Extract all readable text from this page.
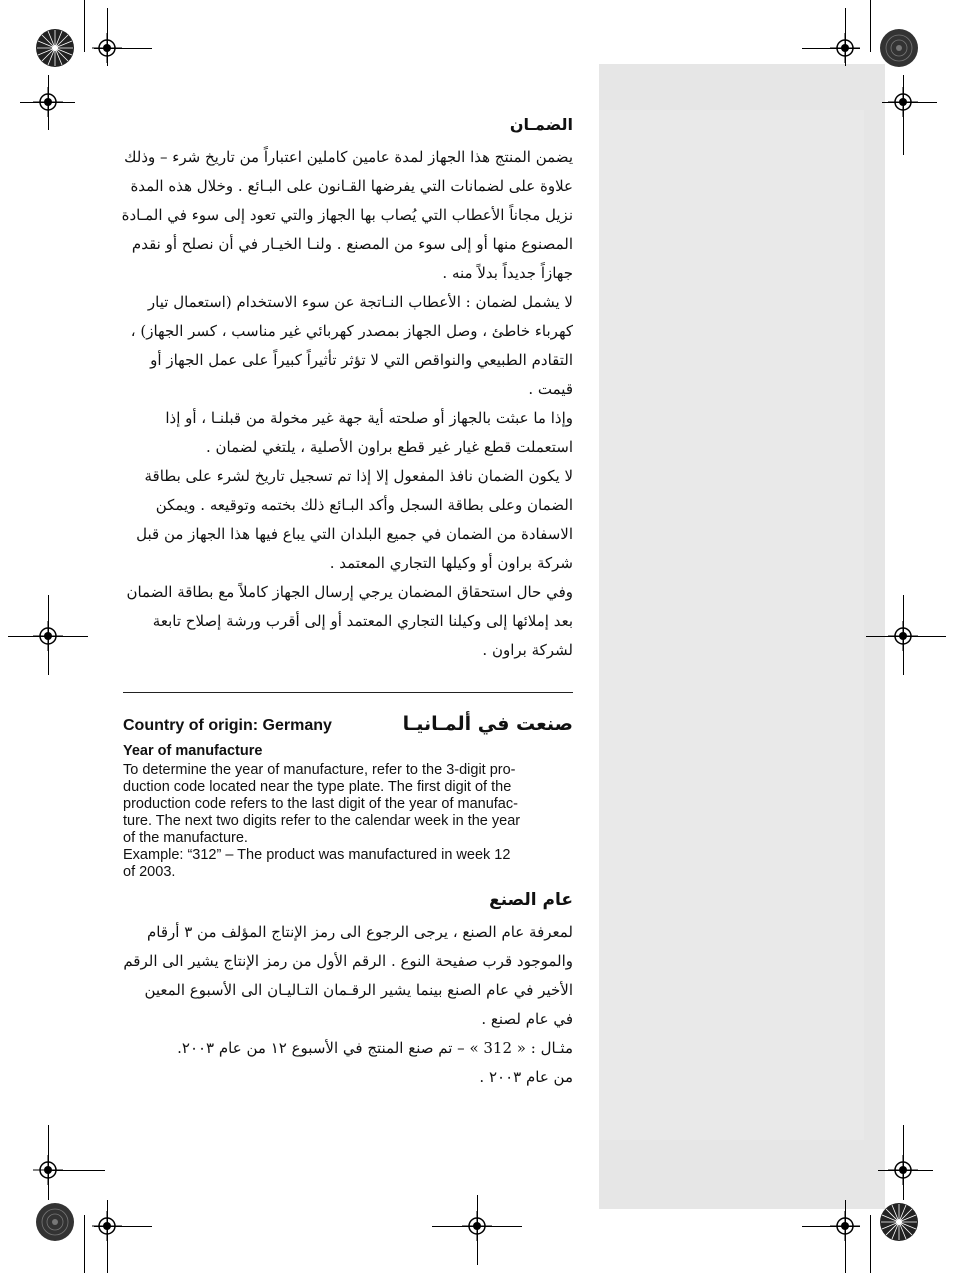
الضمـان
يضمن المنتج هذا الجهاز لمدة عامين كاملين اعتباراً من تاريخ شرء – وذلك
علاوة على لضمانات التي يفرضها القـانون على البـائع . وخلال هذه المدة
نزيل مجاناً الأعطاب التي يُصاب بها الجهاز والتي تعود إلى سوء في المـادة
المصنوع منها أو إلى سوء من المصنع . ولنـا الخيـار في أن نصلح أو نقدم
جهازاً جديداً بدلاً منه .
لا يشمل لضمان : الأعطاب النـاتجة عن سوء الاستخدام (استعمال تيار
كهرباء خاطئ ، وصل الجهاز بمصدر كهربائي غير مناسب ، كسر الجهاز) ،
التقادم الطبيعي والنواقص التي لا تؤثر تأثيراً كبيراً على عمل الجهاز أو
قيمت .
وإذا ما عبثت بالجهاز أو صلحته أية جهة غير مخولة من قبلنـا ، أو إذا
استعملت قطع غيار غير قطع براون الأصلية ، يلتغي لضمان .
لا يكون الضمان نافذ المفعول إلا إذا تم تسجيل تاريخ لشرء على بطاقة
الضمان وعلى بطاقة السجل وأكد البـائع ذلك بختمه وتوقيعه . ويمكن
الاسفادة من الضمان في جميع البلدان التي يباع فيها هذا الجهاز من قبل
شركة براون أو وكيلها التجاري المعتمد .
وفي حال استحقاق المضمان يرجي إرسال الجهاز كاملاً مع بطاقة الضمان
بعد إملائها إلى وكيلنا التجاري المعتمد أو إلى أقرب ورشة إصلاح تابعة
لشركة براون .
Country of origin: Germany	صنعت في ألمـانيـا
Year of manufacture
To determine the year of manufacture, refer to the 3-digit pro-
duction code located near the type plate. The first digit of the
production code refers to the last digit of the year of manufac-
ture. The next two digits refer to the calendar week in the year
of the manufacture.
Example: “312” – The product was manufactured in week 12
of 2003.
عام الصنع
لمعرفة عام الصنع ، يرجى الرجوع الى رمز الإنتاج المؤلف من ٣ أرقام
والموجود قرب صفيحة النوع . الرقم الأول من رمز الإنتاج يشير الى الرقم
الأخير في عام الصنع بينما يشير الرقـمان التـاليـان الى الأسبوع المعين
في عام لصنع .
مثـال : « 312 » – تم صنع المنتج في الأسبوع ١٢ من عام ٢٠٠٣.
من عام ٢٠٠٣ .
